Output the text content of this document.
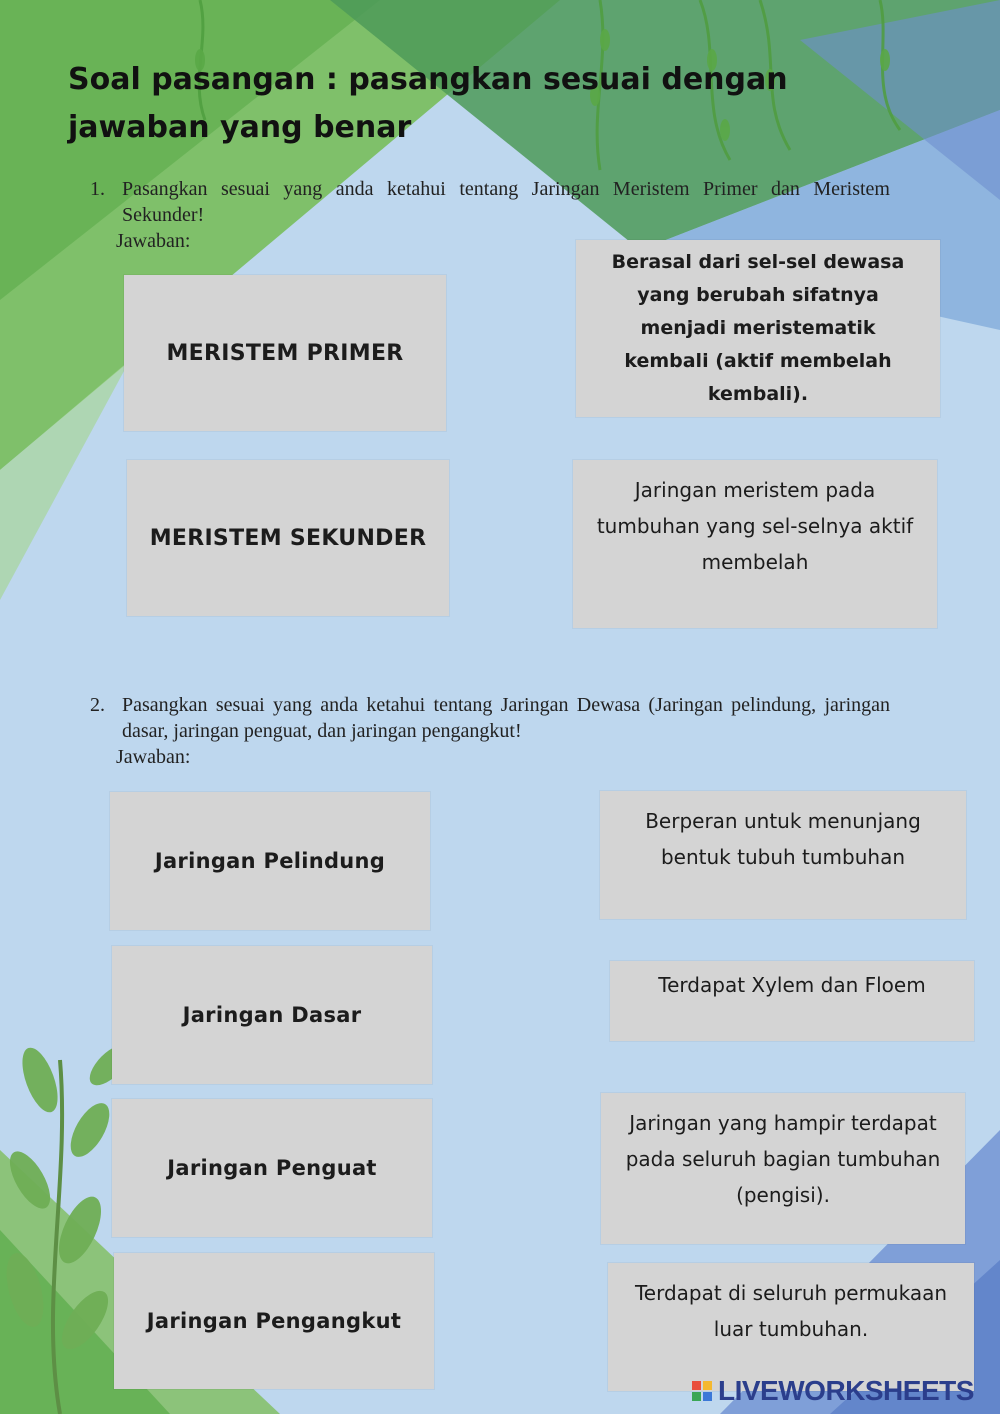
Soal pasangan : pasangkan sesuai dengan jawaban yang benar
1. Pasangkan sesuai yang anda ketahui tentang Jaringan Meristem Primer dan Meristem Sekunder!
Jawaban:
MERISTEM PRIMER
MERISTEM SEKUNDER
Berasal dari sel-sel dewasa yang berubah sifatnya menjadi meristematik kembali (aktif membelah kembali).
Jaringan meristem pada tumbuhan yang sel-selnya aktif membelah
2. Pasangkan sesuai yang anda ketahui tentang Jaringan Dewasa (Jaringan pelindung, jaringan dasar, jaringan penguat, dan jaringan pengangkut!
Jawaban:
Jaringan Pelindung
Jaringan Dasar
Jaringan Penguat
Jaringan Pengangkut
Berperan untuk menunjang bentuk tubuh tumbuhan
Terdapat Xylem dan Floem
Jaringan yang hampir terdapat pada seluruh bagian tumbuhan (pengisi).
Terdapat di seluruh permukaan luar tumbuhan.
LIVEWORKSHEETS
